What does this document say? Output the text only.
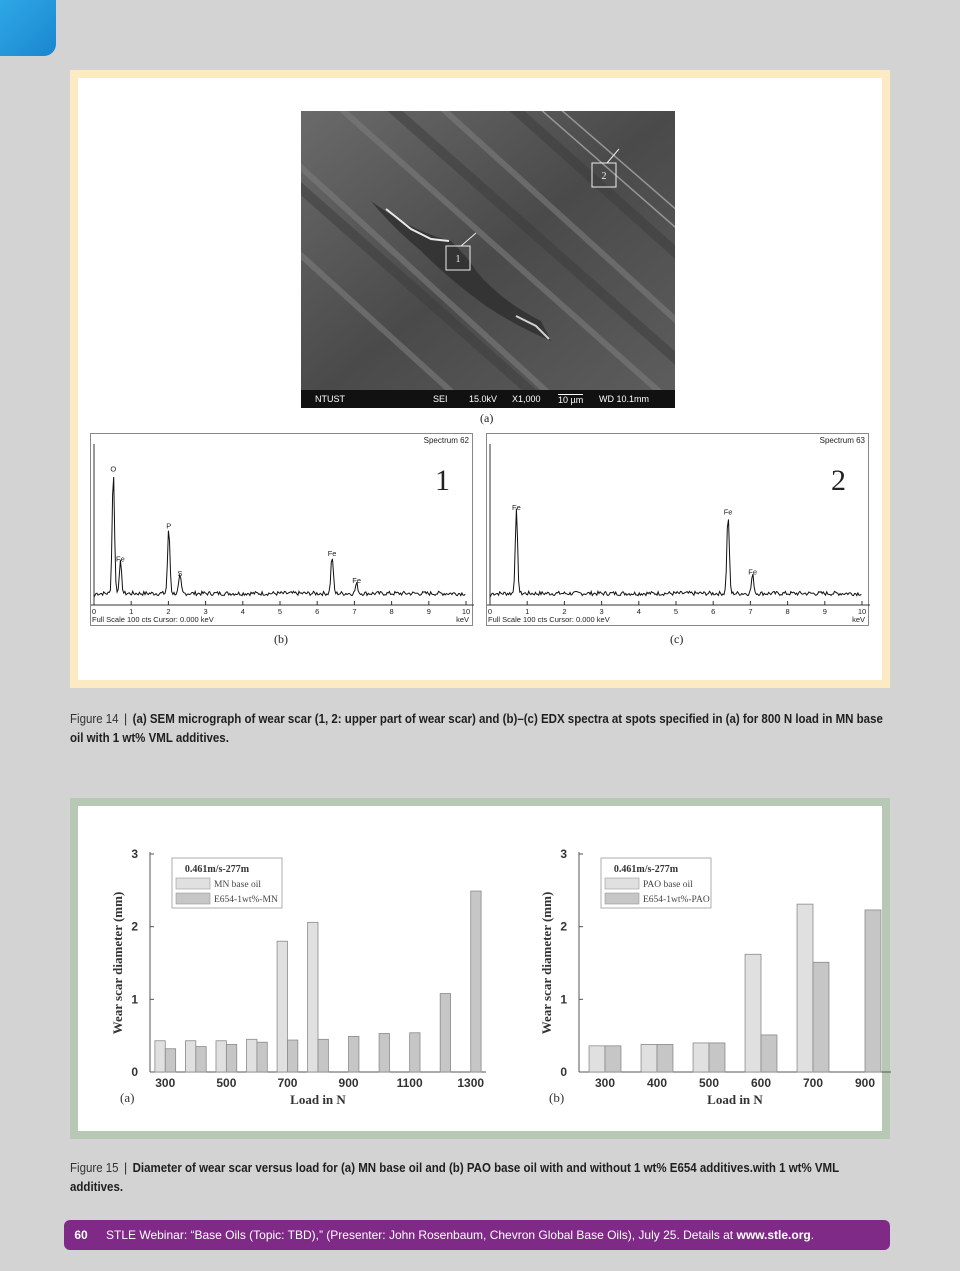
1
2
NTUST	SEI 15.0kV X1,000 10 µm WD 10.1mm
(a)
O
Fe
P
S
Fe
Fe
0	1	2	3	4	5	6	7	8	9	10
Spectrum 62
1
Full Scale 100 cts Cursor: 0.000 keV	keV
(b)
Fe	Fe
Fe
0	1	2	3	4	5	6	7	8	9	10
Spectrum 63
2
Full Scale 100 cts Cursor: 0.000 keV	keV
(c)
Figure 14 | (a) SEM micrograph of wear scar (1, 2: upper part of wear scar) and (b)–(c) EDX spectra at spots specified in (a) for 800 N load in MN base oil with 1 wt% VML additives.
0
1
2
3
300	500	700	900	1100	1300
Load in N
Wear scar diameter (mm)
(a)
0.461m/s-277m
MN base oil
E654-1wt%-MN
0
1
2
3
300	400	500	600	700	900
Load in N
Wear scar diameter (mm)
(b)
0.461m/s-277m
PAO base oil
E654-1wt%-PAO
Figure 15 | Diameter of wear scar versus load for (a) MN base oil and (b) PAO base oil with and without 1 wt% E654 additives.with 1 wt% VML additives.
60	STLE Webinar: “Base Oils (Topic: TBD),” (Presenter: John Rosenbaum, Chevron Global Base Oils), July 25. Details at www.stle.org.
